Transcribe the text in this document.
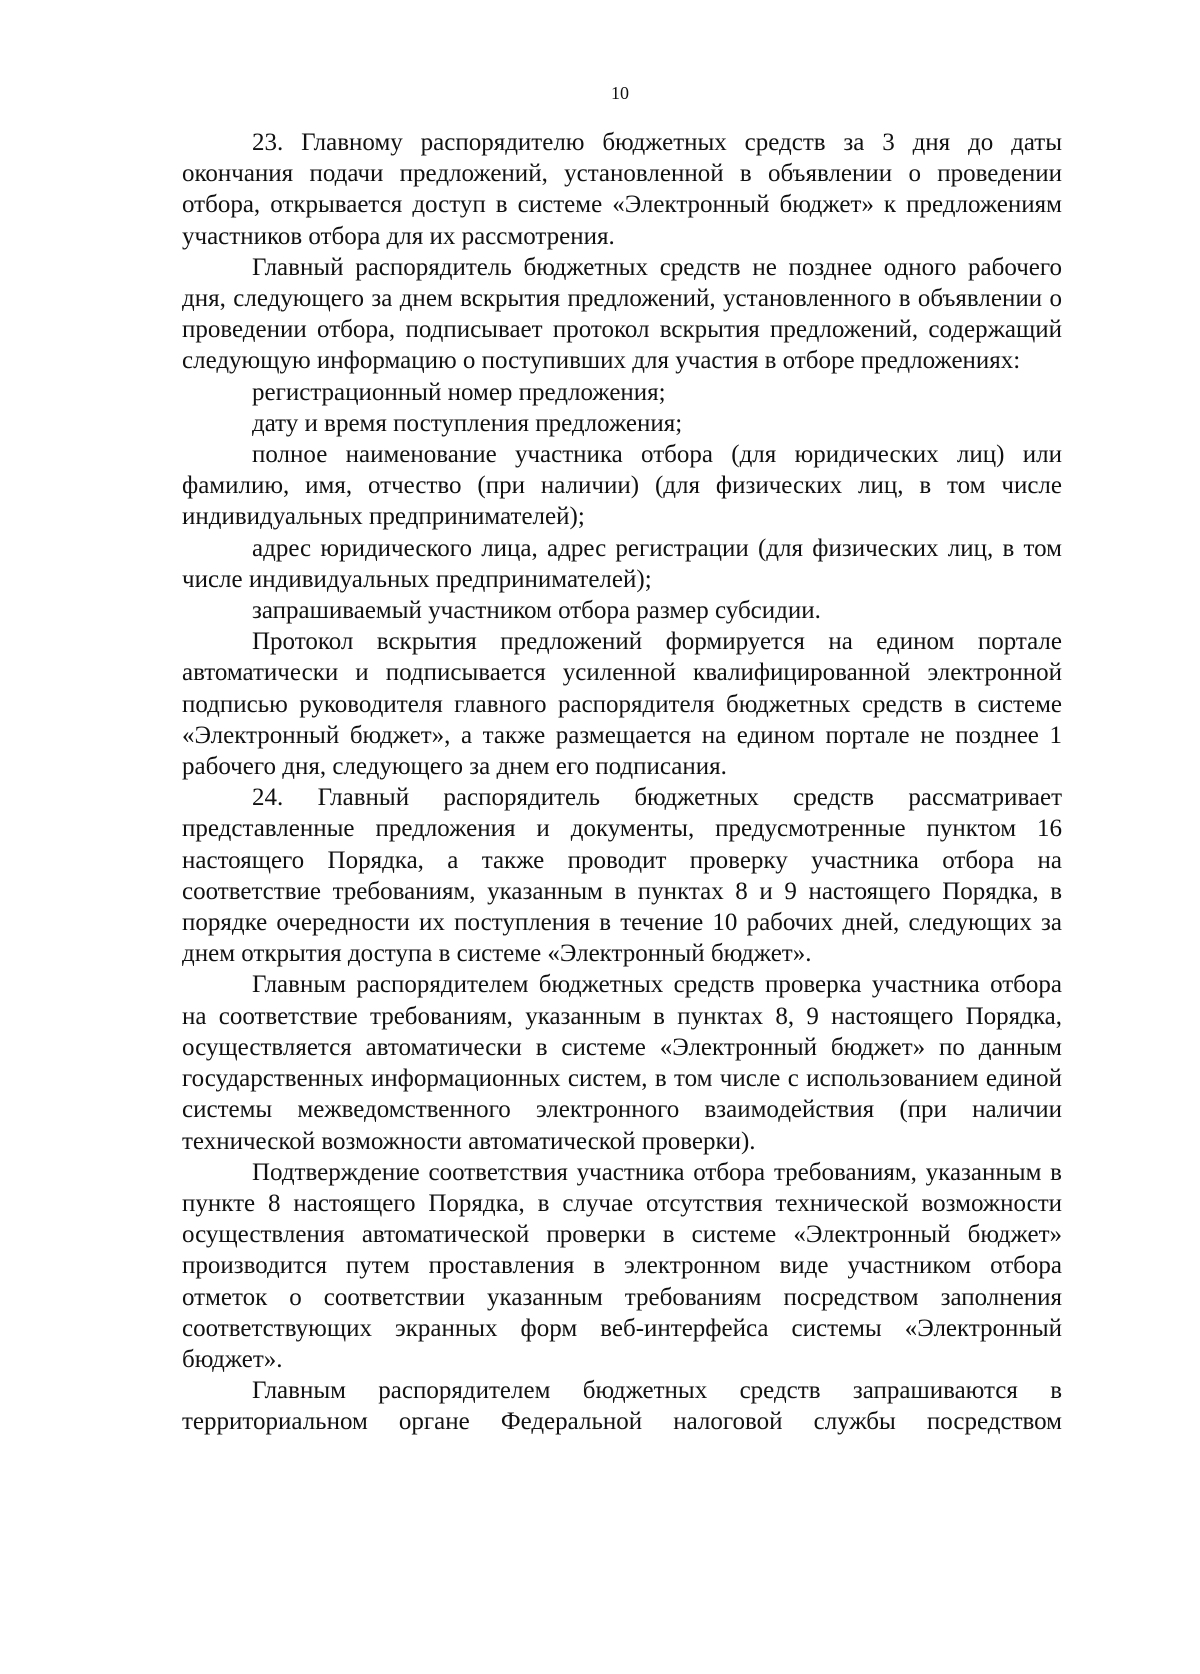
10

23. Главному распорядителю бюджетных средств за 3 дня до даты окончания подачи предложений, установленной в объявлении о проведении отбора, открывается доступ в системе «Электронный бюджет» к предложениям участников отбора для их рассмотрения.

Главный распорядитель бюджетных средств не позднее одного рабочего дня, следующего за днем вскрытия предложений, установленного в объявлении о проведении отбора, подписывает протокол вскрытия предложений, содержащий следующую информацию о поступивших для участия в отборе предложениях:

регистрационный номер предложения;

дату и время поступления предложения;

полное наименование участника отбора (для юридических лиц) или фамилию, имя, отчество (при наличии) (для физических лиц, в том числе индивидуальных предпринимателей);

адрес юридического лица, адрес регистрации (для физических лиц, в том числе индивидуальных предпринимателей);

запрашиваемый участником отбора размер субсидии.

Протокол вскрытия предложений формируется на едином портале автоматически и подписывается усиленной квалифицированной электронной подписью руководителя главного распорядителя бюджетных средств в системе «Электронный бюджет», а также размещается на едином портале не позднее 1 рабочего дня, следующего за днем его подписания.

24. Главный распорядитель бюджетных средств рассматривает представленные предложения и документы, предусмотренные пунктом 16 настоящего Порядка, а также проводит проверку участника отбора на соответствие требованиям, указанным в пунктах 8 и 9 настоящего Порядка, в порядке очередности их поступления в течение 10 рабочих дней, следующих за днем открытия доступа в системе «Электронный бюджет».

Главным распорядителем бюджетных средств проверка участника отбора на соответствие требованиям, указанным в пунктах 8, 9 настоящего Порядка, осуществляется автоматически в системе «Электронный бюджет» по данным государственных информационных систем, в том числе с использованием единой системы межведомственного электронного взаимодействия (при наличии технической возможности автоматической проверки).

Подтверждение соответствия участника отбора требованиям, указанным в пункте 8 настоящего Порядка, в случае отсутствия технической возможности осуществления автоматической проверки в системе «Электронный бюджет» производится путем проставления в электронном виде участником отбора отметок о соответствии указанным требованиям посредством заполнения соответствующих экранных форм веб-интерфейса системы «Электронный бюджет».

Главным распорядителем бюджетных средств запрашиваются в территориальном органе Федеральной налоговой службы посредством
